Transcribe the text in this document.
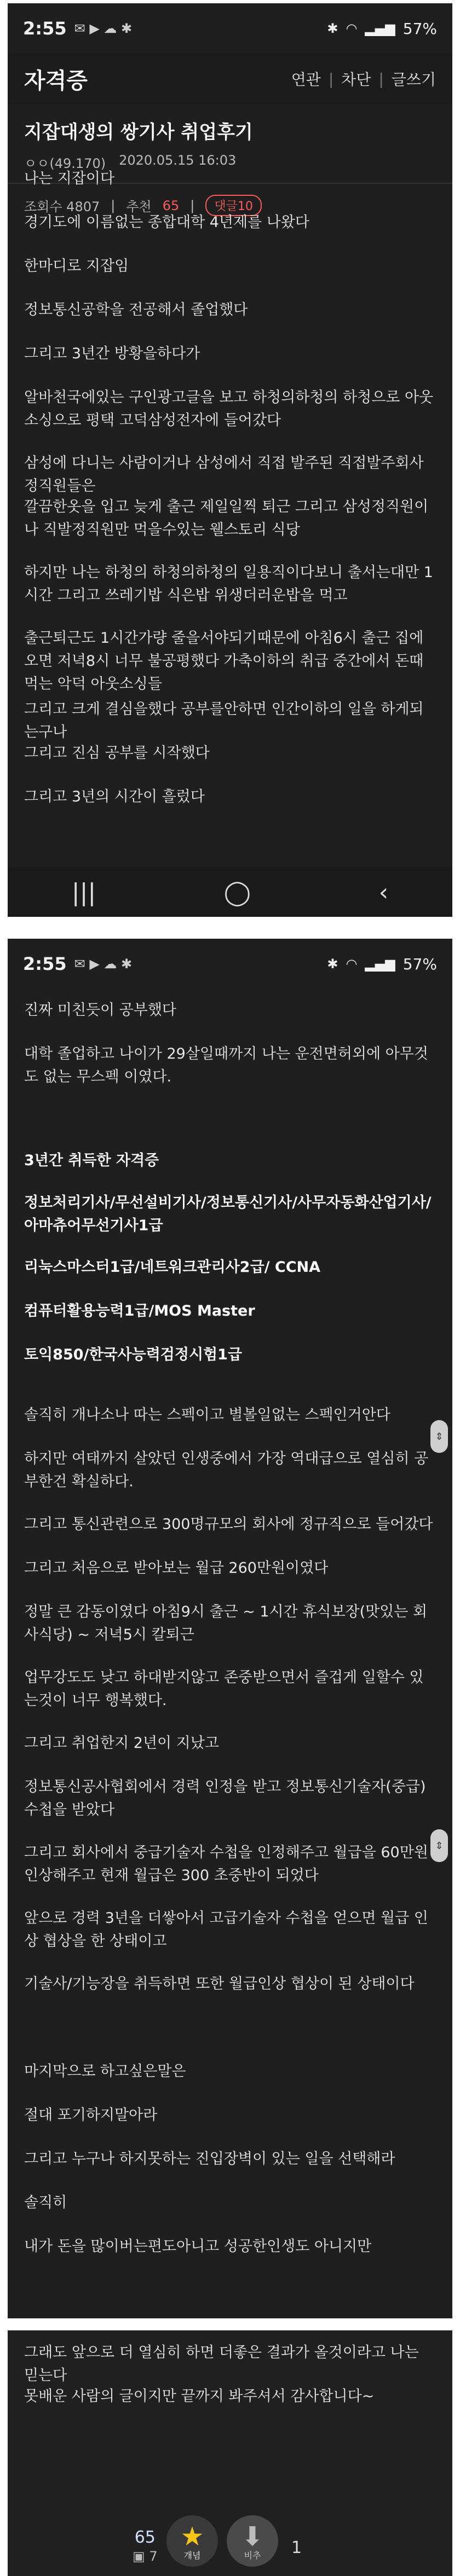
2:55 ✉ ▶ ☁ ✱	✱ ◠ ▂▄▆ 57%
자격증	연관 | 차단 | 글쓰기
지잡대생의 쌍기사 취업후기
ㅇㅇ(49.170) 2020.05.15 16:03
조회수 4807 | 추천 65 |	댓글10
나는 지잡이다
경기도에 이름없는 종합대학 4년제를 나왔다
한마디로 지잡임
정보통신공학을 전공해서 졸업했다
그리고 3년간 방황을하다가
알바천국에있는 구인광고글을 보고 하청의하청의 하청으로 아웃소싱으로 평택 고덕삼성전자에 들어갔다
삼성에 다니는 사람이거나 삼성에서 직접 발주된 직접발주회사 정직원들은
깔끔한옷을 입고 늦게 출근 제일일찍 퇴근 그리고 삼성정직원이나 직발정직원만 먹을수있는 웰스토리 식당
하지만 나는 하청의 하청의하청의 일용직이다보니 출서는대만 1시간 그리고 쓰레기밥 식은밥 위생더러운밥을 먹고
출근퇴근도 1시간가량 줄을서야되기때문에 아침6시 출근 집에오면 저녁8시 너무 불공평했다 가축이하의 취급 중간에서 돈때먹는 악덕 아웃소싱들
그리고 크게 결심을했다 공부를안하면 인간이하의 일을 하게되는구나
그리고 진심 공부를 시작했다
그리고 3년의 시간이 흘렀다
|||	◯	‹
2:55 ✉ ▶ ☁ ✱	✱ ◠ ▂▄▆ 57%
진짜 미친듯이 공부했다
대학 졸업하고 나이가 29살일때까지 나는 운전면허외에 아무것도 없는 무스펙 이였다.
3년간 취득한 자격증
정보처리기사/무선설비기사/정보통신기사/사무자동화산업기사/아마츄어무선기사1급
리눅스마스터1급/네트워크관리사2급/ CCNA
컴퓨터활용능력1급/MOS Master
토익850/한국사능력검정시험1급
솔직히 개나소나 따는 스펙이고 별볼일없는 스펙인거안다
하지만 여태까지 살았던 인생중에서 가장 역대급으로 열심히 공부한건 확실하다.
그리고 통신관련으로 300명규모의 회사에 정규직으로 들어갔다
그리고 처음으로 받아보는 월급 260만원이였다
정말 큰 감동이였다 아침9시 출근 ~ 1시간 휴식보장(맛있는 회사식당) ~ 저녁5시 칼퇴근
업무강도도 낮고 하대받지않고 존중받으면서 즐겁게 일할수 있는것이 너무 행복했다.
그리고 취업한지 2년이 지났고
정보통신공사협회에서 경력 인정을 받고 정보통신기술자(중급) 수첩을 받았다
그리고 회사에서 중급기술자 수첩을 인정해주고 월급을 60만원 인상해주고 현재 월급은 300 초중반이 되었다
앞으로 경력 3년을 더쌓아서 고급기술자 수첩을 얻으면 월급 인상 협상을 한 상태이고
기술사/기능장을 취득하면 또한 월급인상 협상이 된 상태이다
마지막으로 하고싶은말은
절대 포기하지말아라
그리고 누구나 하지못하는 진입장벽이 있는 일을 선택해라
솔직히
내가 돈을 많이버는편도아니고 성공한인생도 아니지만
⇕
⇕
그래도 앞으로 더 열심히 하면 더좋은 결과가 올것이라고 나는 믿는다
못배운 사람의 글이지만 끝까지 봐주셔서 감사합니다~
65
▣ 7
★
개념
⬇
비추 1
